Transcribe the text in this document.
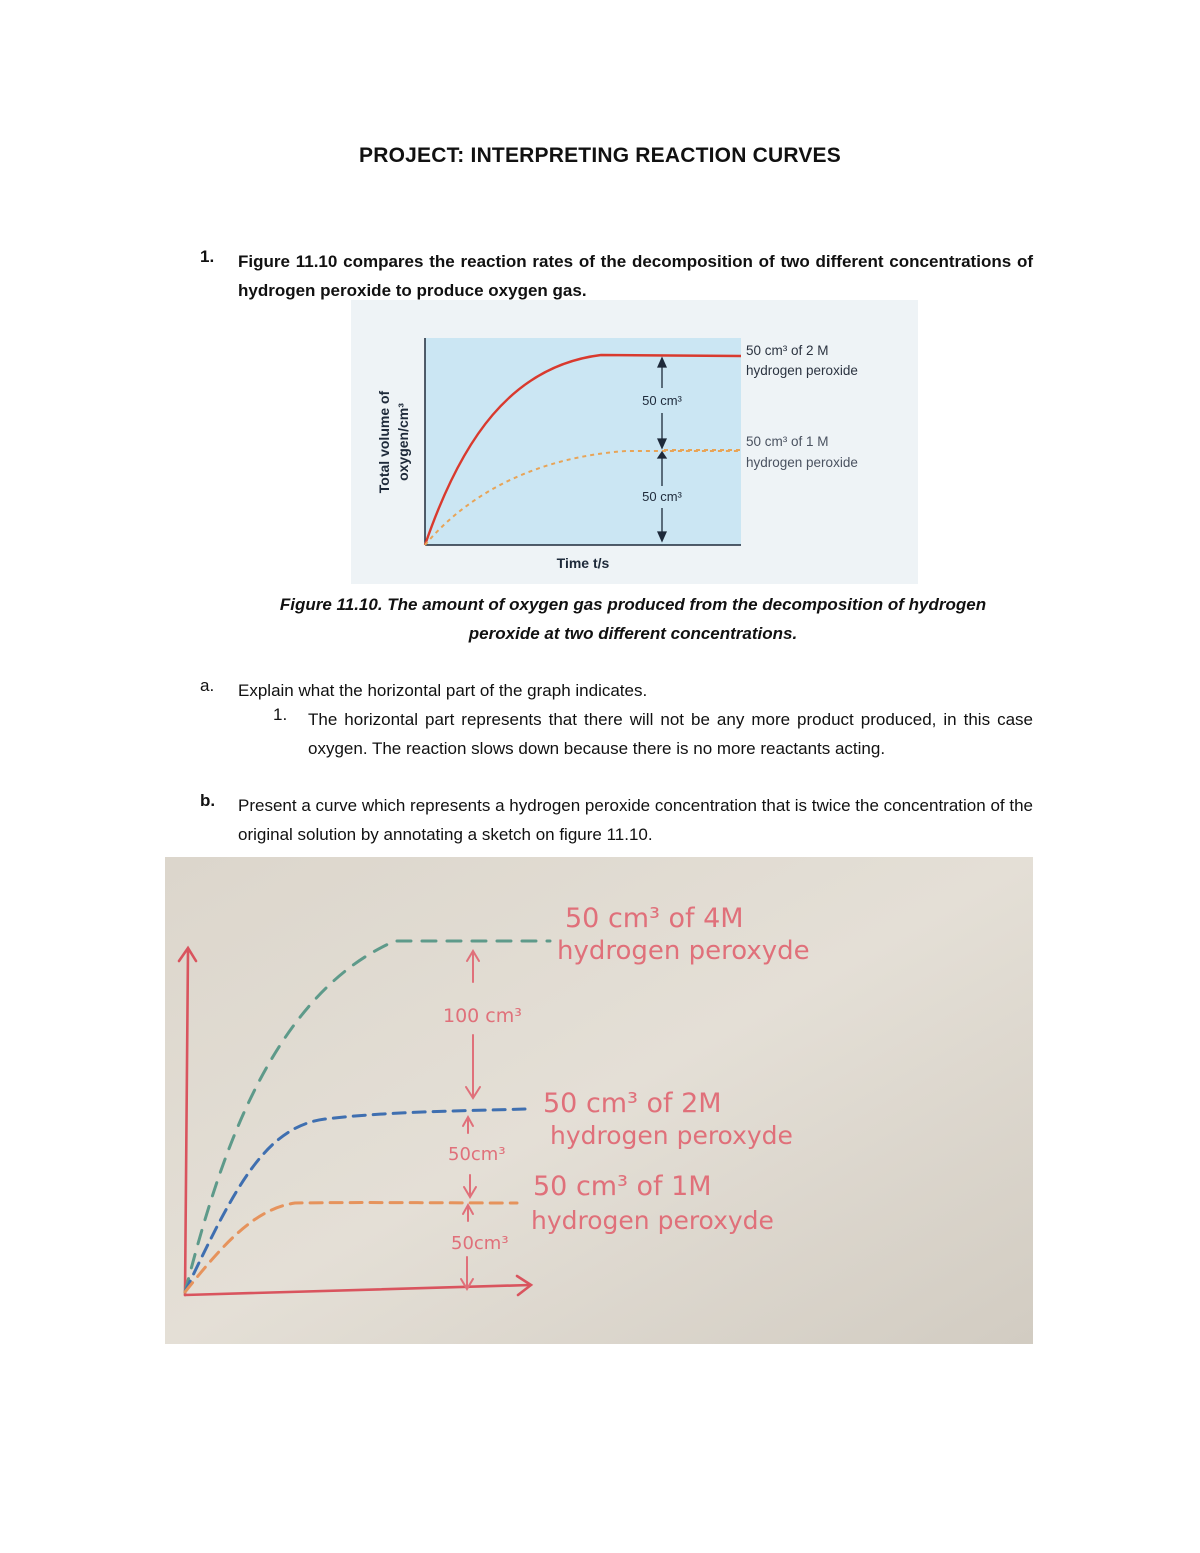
PROJECT: INTERPRETING REACTION CURVES
1. Figure 11.10 compares the reaction rates of the decomposition of two different concentrations of hydrogen peroxide to produce oxygen gas.
50 cm³
50 cm³
50 cm³ of 2 M
hydrogen peroxide
50 cm³ of 1 M
hydrogen peroxide
Total volume of oxygen/cm³
Time t/s
Figure 11.10. The amount of oxygen gas produced from the decomposition of hydrogen
peroxide at two different concentrations.
a. Explain what the horizontal part of the graph indicates.
1. The horizontal part represents that there will not be any more product produced, in this case oxygen. The reaction slows down because there is no more reactants acting.
b. Present a curve which represents a hydrogen peroxide concentration that is twice the concentration of the original solution by annotating a sketch on figure 11.10.
50 cm³ of 4M
hydrogen peroxyde
100 cm³
50 cm³ of 2M
hydrogen peroxyde
50cm³
50 cm³ of 1M
hydrogen peroxyde
50cm³
